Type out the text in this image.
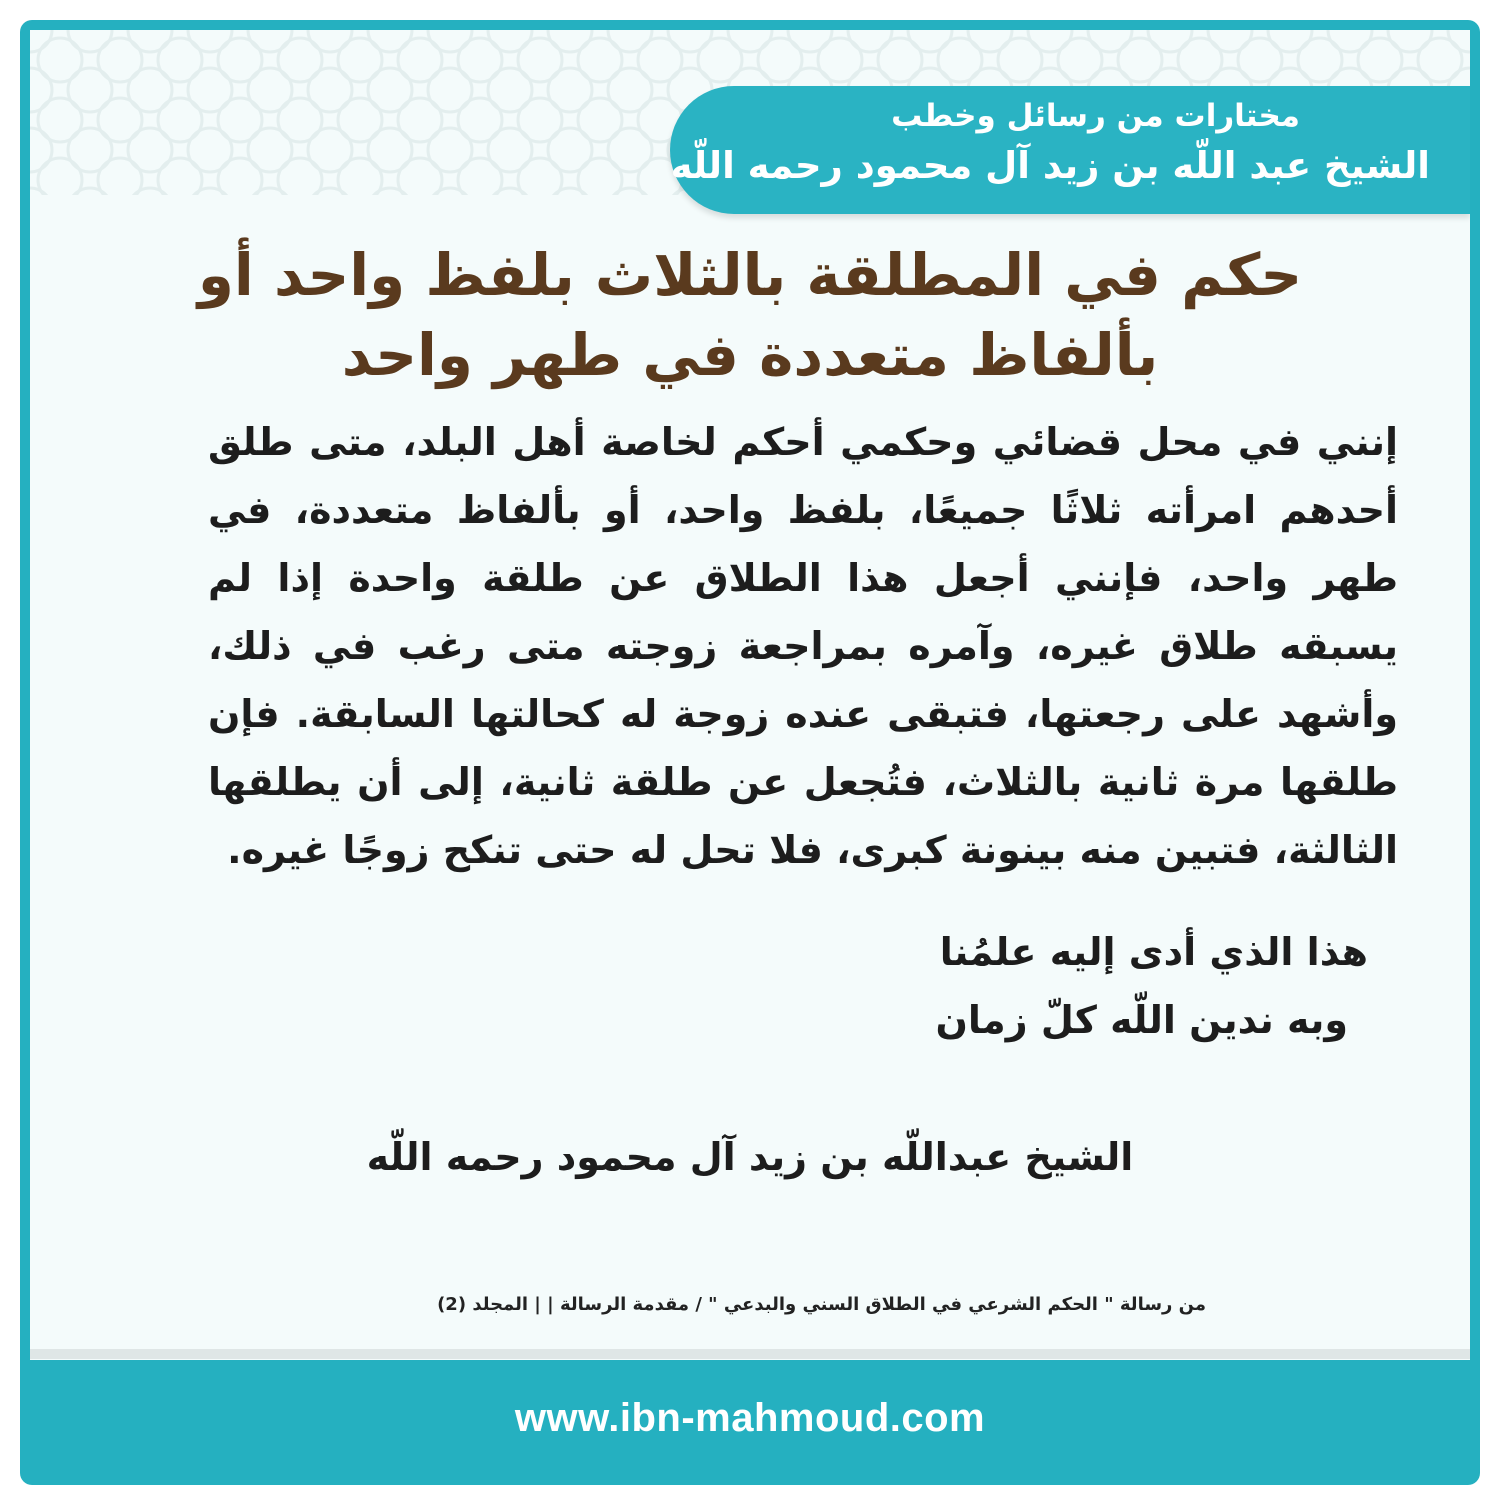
مختارات من رسائل وخطب
الشيخ عبد اللّه بن زيد آل محمود رحمه اللّه
حكم في المطلقة بالثلاث بلفظ واحد أو بألفاظ متعددة في طهر واحد
إنني في محل قضائي وحكمي أحكم لخاصة أهل البلد، متى طلق أحدهم امرأته ثلاثًا جميعًا، بلفظ واحد، أو بألفاظ متعددة، في طهر واحد، فإنني أجعل هذا الطلاق عن طلقة واحدة إذا لم يسبقه طلاق غيره، وآمره بمراجعة زوجته متى رغب في ذلك، وأشهد على رجعتها، فتبقى عنده زوجة له كحالتها السابقة. فإن طلقها مرة ثانية بالثلاث، فتُجعل عن طلقة ثانية، إلى أن يطلقها الثالثة، فتبين منه بينونة كبرى، فلا تحل له حتى تنكح زوجًا غيره.
هذا الذي أدى إليه علمُنا
وبه ندين اللّه كلّ زمان
الشيخ عبداللّه بن زيد آل محمود رحمه اللّه
من رسالة " الحكم الشرعي في الطلاق السني والبدعي " / مقدمة الرسالة | | المجلد (2)
www.ibn-mahmoud.com
